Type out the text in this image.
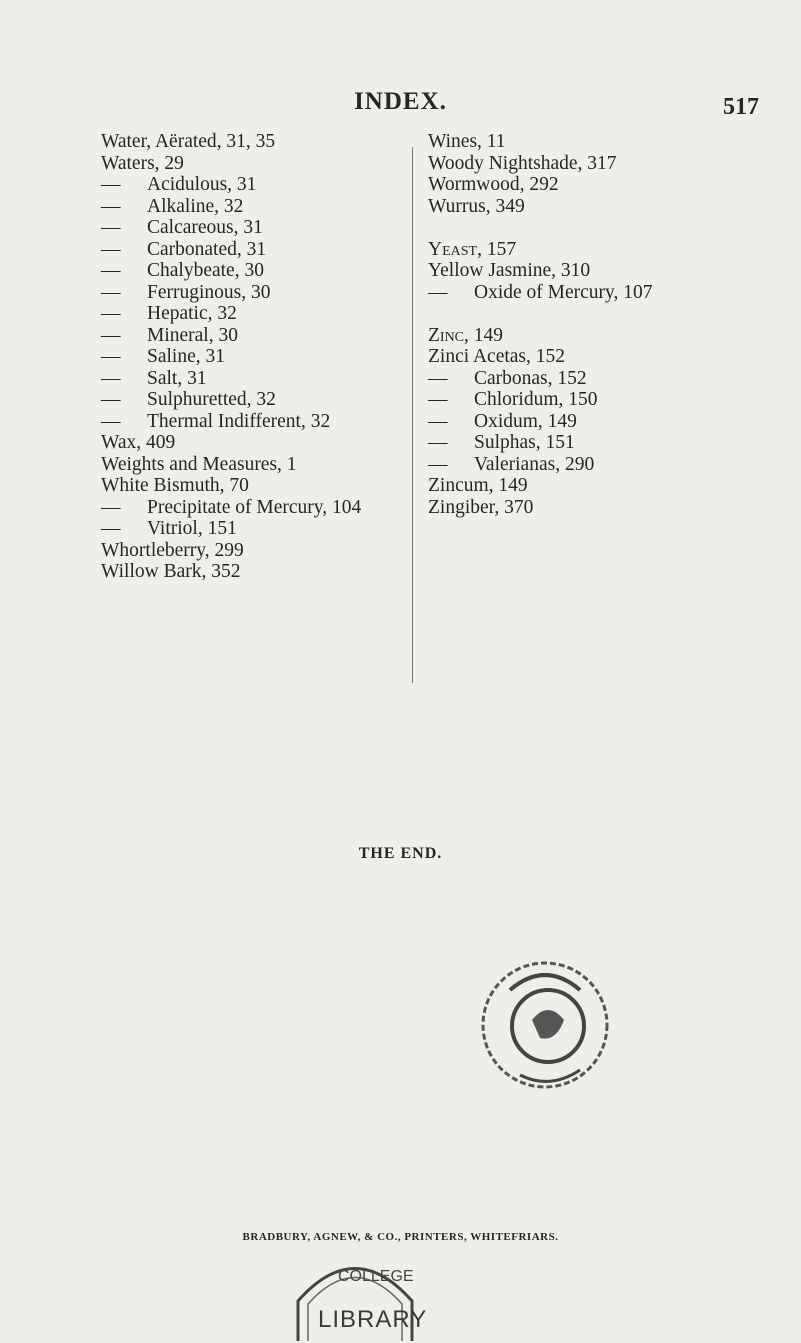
INDEX.	517
Water, Aërated, 31, 35
Waters, 29
— Acidulous, 31
— Alkaline, 32
— Calcareous, 31
— Carbonated, 31
— Chalybeate, 30
— Ferruginous, 30
— Hepatic, 32
— Mineral, 30
— Saline, 31
— Salt, 31
— Sulphuretted, 32
— Thermal Indifferent, 32
Wax, 409
Weights and Measures, 1
White Bismuth, 70
— Precipitate of Mercury, 104
— Vitriol, 151
Whortleberry, 299
Willow Bark, 352
Wines, 11
Woody Nightshade, 317
Wormwood, 292
Wurrus, 349
Yeast, 157
Yellow Jasmine, 310
— Oxide of Mercury, 107
Zinc, 149
Zinci Acetas, 152
— Carbonas, 152
— Chloridum, 150
— Oxidum, 149
— Sulphas, 151
— Valerianas, 290
Zincum, 149
Zingiber, 370
THE END.
BRADBURY, AGNEW, & CO., PRINTERS, WHITEFRIARS.
COLLEGE
LIBRARY
